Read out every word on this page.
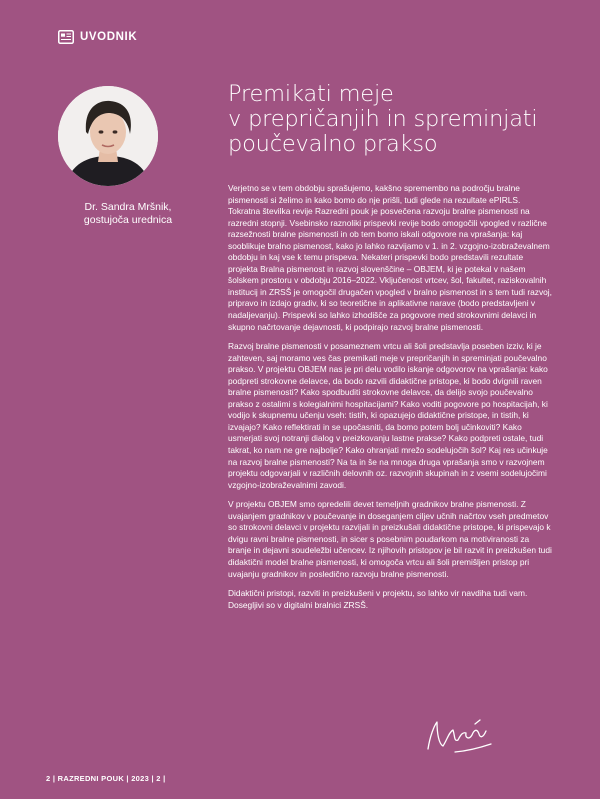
UVODNIK
Dr. Sandra Mršnik,
gostujoča urednica
Premikati meje
v prepričanjih in spreminjati
poučevalno prakso

Verjetno se v tem obdobju sprašujemo, kakšno spremembo na področju bralne pismenosti si želimo in kako bomo do nje prišli, tudi glede na rezultate ePIRLS. Tokratna številka revije Razredni pouk je posvečena razvoju bralne pismenosti na razredni stopnji. Vsebinsko raznoliki prispevki revije bodo omogočili vpogled v različne razsežnosti bralne pismenosti in ob tem bomo iskali odgovore na vprašanja: kaj sooblikuje bralno pismenost, kako jo lahko razvijamo v 1. in 2. vzgojno-izobraževalnem obdobju in kaj vse k temu prispeva. Nekateri prispevki bodo predstavili rezultate projekta Bralna pismenost in razvoj slovenščine – OBJEM, ki je potekal v našem šolskem prostoru v obdobju 2016–2022. Vključenost vrtcev, šol, fakultet, raziskovalnih institucij in ZRSŠ je omogočil drugačen vpogled v bralno pismenost in s tem tudi razvoj, pripravo in izdajo gradiv, ki so teoretične in aplikativne narave (bodo predstavljeni v nadaljevanju). Prispevki so lahko izhodišče za pogovore med strokovnimi delavci in skupno načrtovanje dejavnosti, ki podpirajo razvoj bralne pismenosti.

Razvoj bralne pismenosti v posameznem vrtcu ali šoli predstavlja poseben izziv, ki je zahteven, saj moramo ves čas premikati meje v prepričanjih in spreminjati poučevalno prakso. V projektu OBJEM nas je pri delu vodilo iskanje odgovorov na vprašanja: kako podpreti strokovne delavce, da bodo razvili didaktične pristope, ki bodo dvignili raven bralne pismenosti? Kako spodbuditi strokovne delavce, da delijo svojo poučevalno prakso z ostalimi s kolegialnimi hospitacijami? Kako voditi pogovore po hospitacijah, ki vodijo k skupnemu učenju vseh: tistih, ki opazujejo didaktične pristope, in tistih, ki izvajajo? Kako reflektirati in se upočasniti, da bomo potem bolj učinkoviti? Kako usmerjati svoj notranji dialog v preizkovanju lastne prakse? Kako podpreti ostale, tudi takrat, ko nam ne gre najbolje? Kako ohranjati mrežo sodelujočih šol? Kaj res učinkuje na razvoj bralne pismenosti? Na ta in še na mnoga druga vprašanja smo v razvojnem projektu odgovarjali v različnih delovnih oz. razvojnih skupinah in z vsemi sodelujočimi vzgojno-izobraževalnimi zavodi.

V projektu OBJEM smo opredelili devet temeljnih gradnikov bralne pismenosti. Z uvajanjem gradnikov v poučevanje in doseganjem ciljev učnih načrtov vseh predmetov so strokovni delavci v projektu razvijali in preizkušali didaktične pristope, ki prispevajo k dvigu ravni bralne pismenosti, in sicer s posebnim poudarkom na motiviranosti za branje in dejavni soudeležbi učencev. Iz njihovih pristopov je bil razvit in preizkušen tudi didaktični model bralne pismenosti, ki omogoča vrtcu ali šoli premišljen pristop pri uvajanju gradnikov in posledično razvoju bralne pismenosti.

Didaktični pristopi, razviti in preizkušeni v projektu, so lahko vir navdiha tudi vam. Dosegljivi so v digitalni bralnici ZRSŠ.

2 | RAZREDNI POUK | 2023 | 2 |
